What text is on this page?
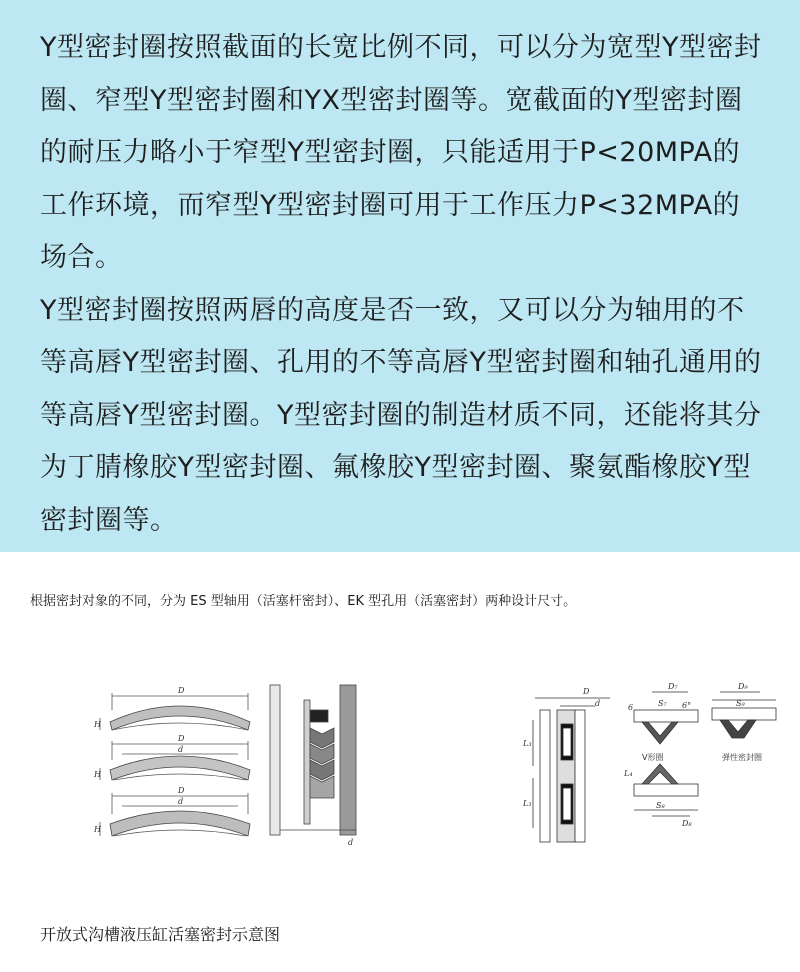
Y型密封圈按照截面的长宽比例不同，可以分为宽型Y型密封圈、窄型Y型密封圈和YX型密封圈等。宽截面的Y型密封圈的耐压力略小于窄型Y型密封圈，只能适用于P<20MPA的工作环境，而窄型Y型密封圈可用于工作压力P<32MPA的场合。

Y型密封圈按照两唇的高度是否一致，又可以分为轴用的不等高唇Y型密封圈、孔用的不等高唇Y型密封圈和轴孔通用的等高唇Y型密封圈。Y型密封圈的制造材质不同，还能将其分为丁腈橡胶Y型密封圈、氟橡胶Y型密封圈、聚氨酯橡胶Y型密封圈等。

根据密封对象的不同，分为 ES 型轴用（活塞杆密封）、EK 型孔用（活塞密封）两种设计尺寸。
D
H
D
d
H
D
d
H
d
D
d
L₃
L₃
D₇	D₉
S₇	S₉
6	6°
V形圈	弹性密封圈
L₄
S₈
D₈
开放式沟槽液压缸活塞密封示意图
